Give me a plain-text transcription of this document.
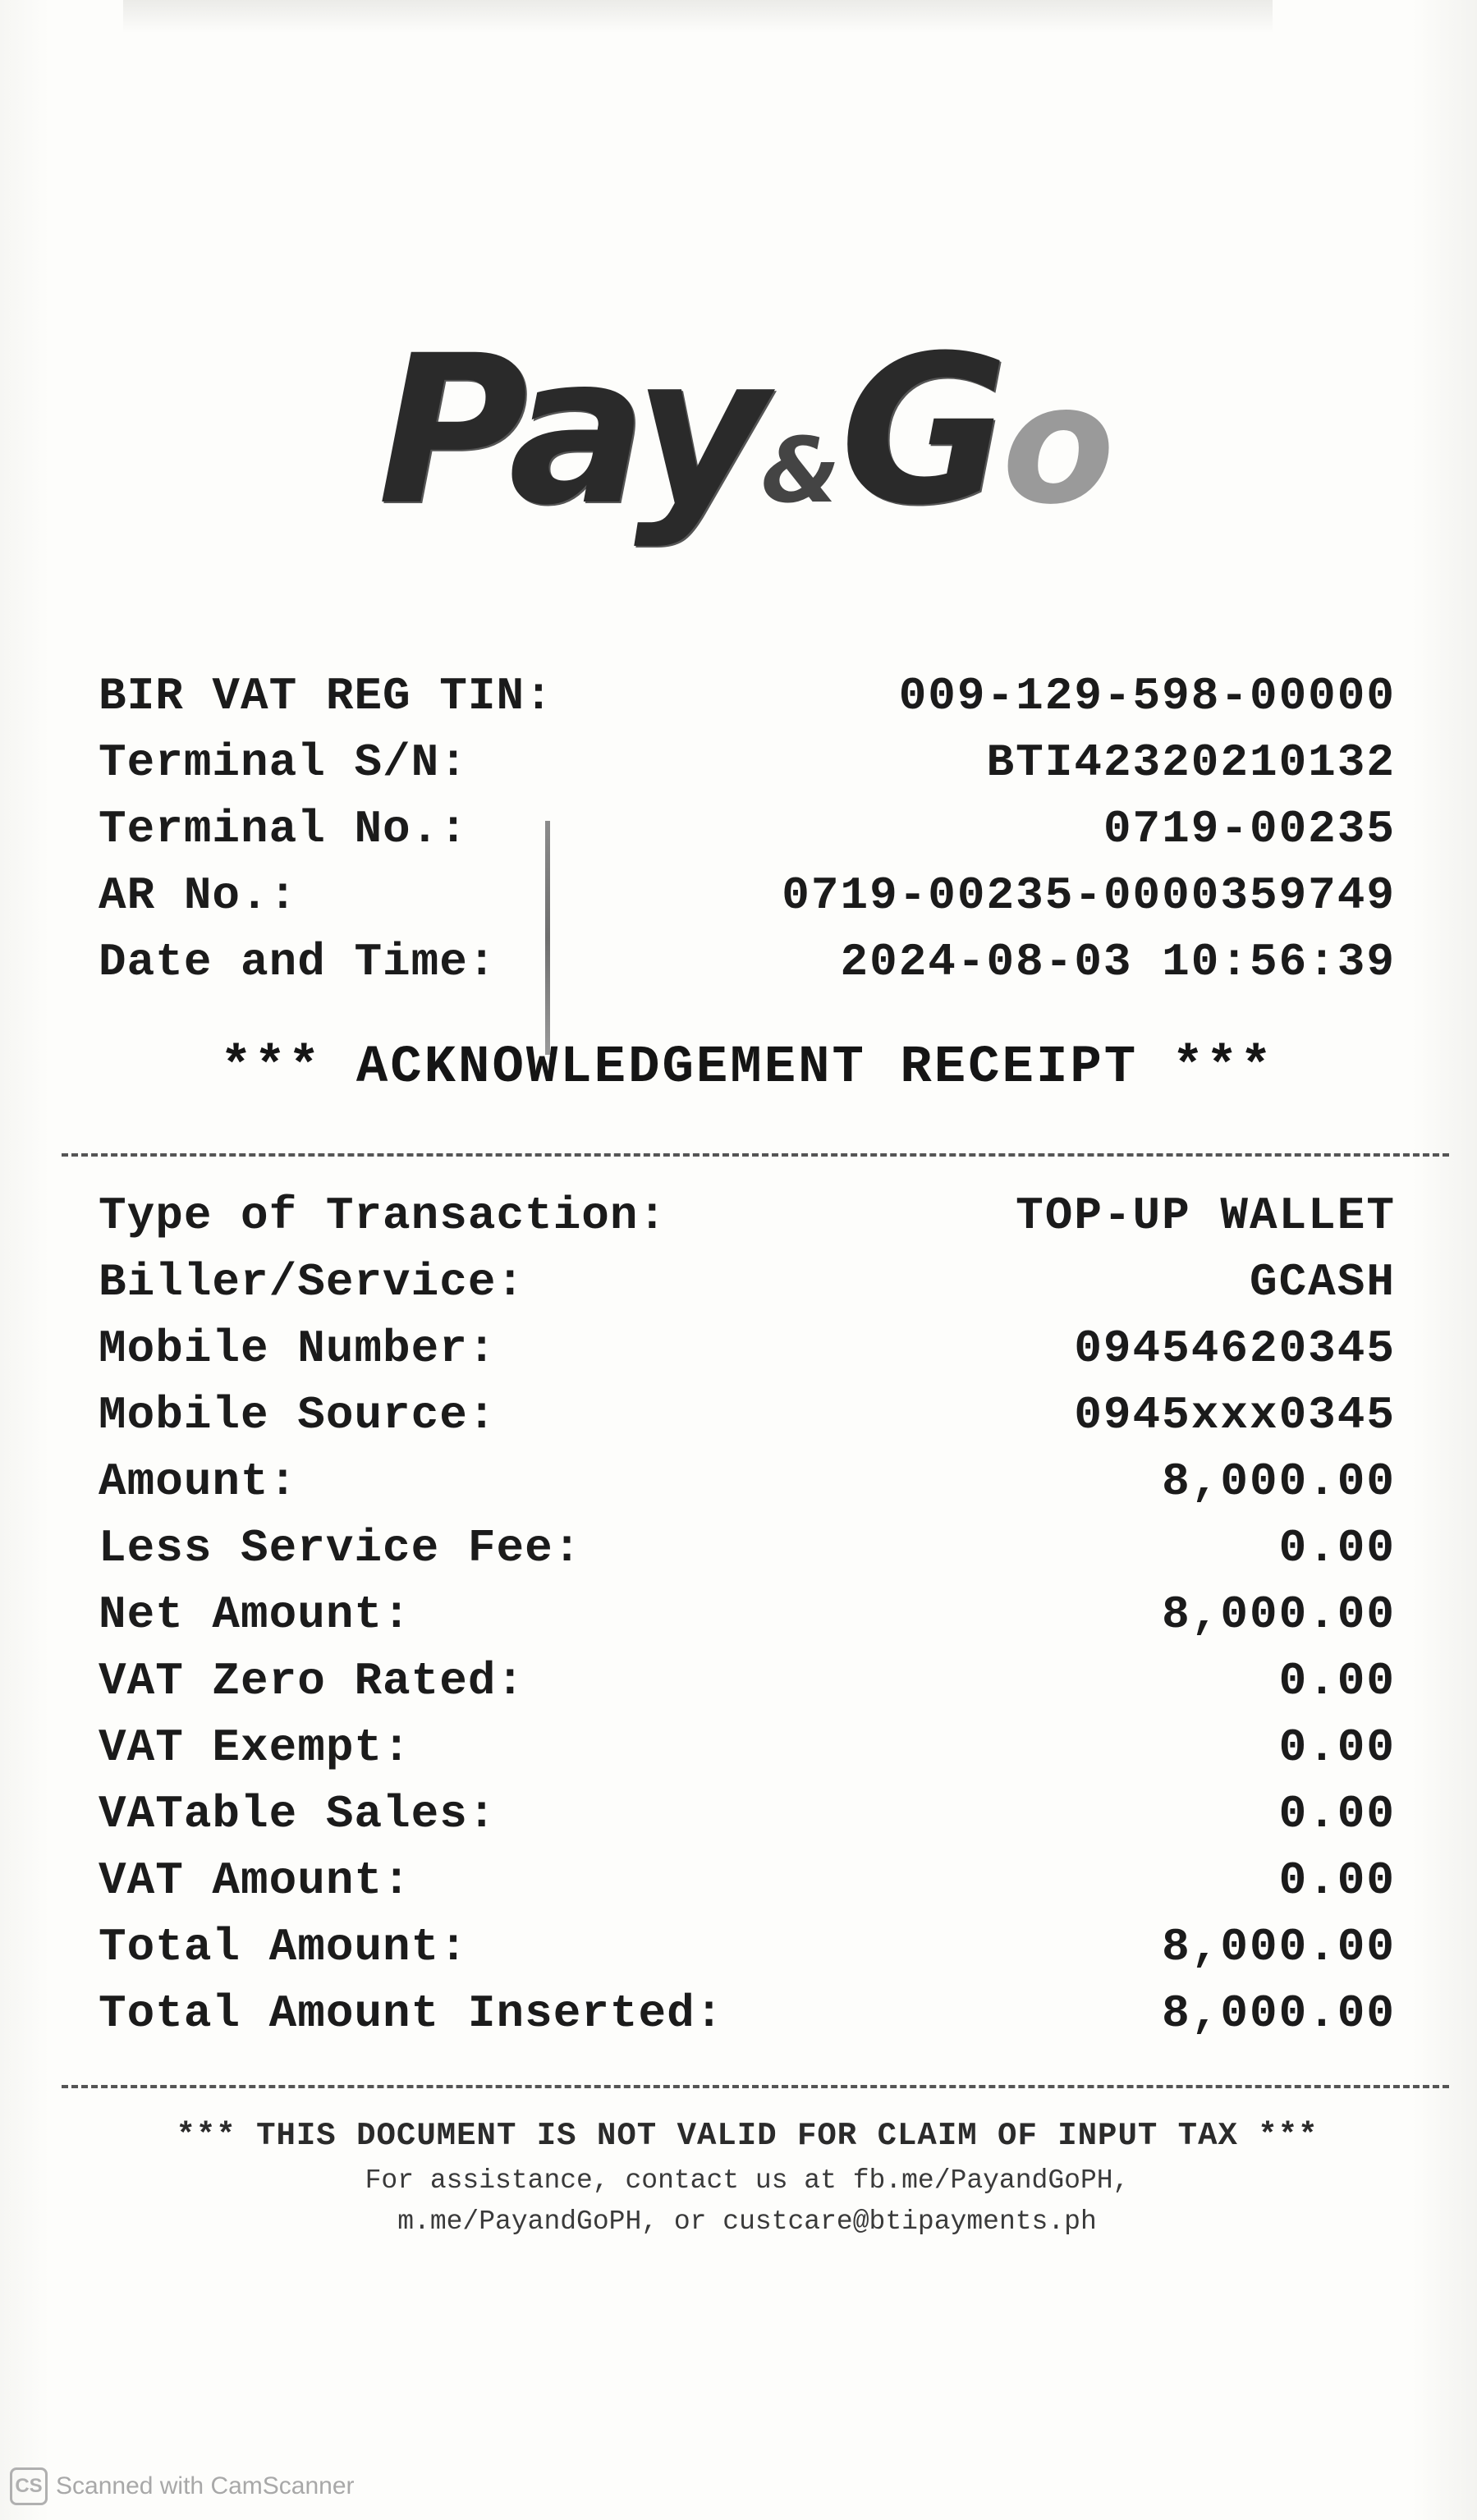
Pay&Go
BIR VAT REG TIN:	009-129-598-00000
Terminal S/N:	BTI42320210132
Terminal No.:	0719-00235
AR No.:	0719-00235-0000359749
Date and Time:	2024-08-03 10:56:39
*** ACKNOWLEDGEMENT RECEIPT ***
Type of Transaction:	TOP-UP WALLET
Biller/Service:	GCASH
Mobile Number:	09454620345
Mobile Source:	0945xxx0345
Amount:	8,000.00
Less Service Fee:	0.00
Net Amount:	8,000.00
VAT Zero Rated:	0.00
VAT Exempt:	0.00
VATable Sales:	0.00
VAT Amount:	0.00
Total Amount:	8,000.00
Total Amount Inserted:	8,000.00
*** THIS DOCUMENT IS NOT VALID FOR CLAIM OF INPUT TAX ***
For assistance, contact us at fb.me/PayandGoPH,
m.me/PayandGoPH, or custcare@btipayments.ph
CS Scanned with CamScanner
